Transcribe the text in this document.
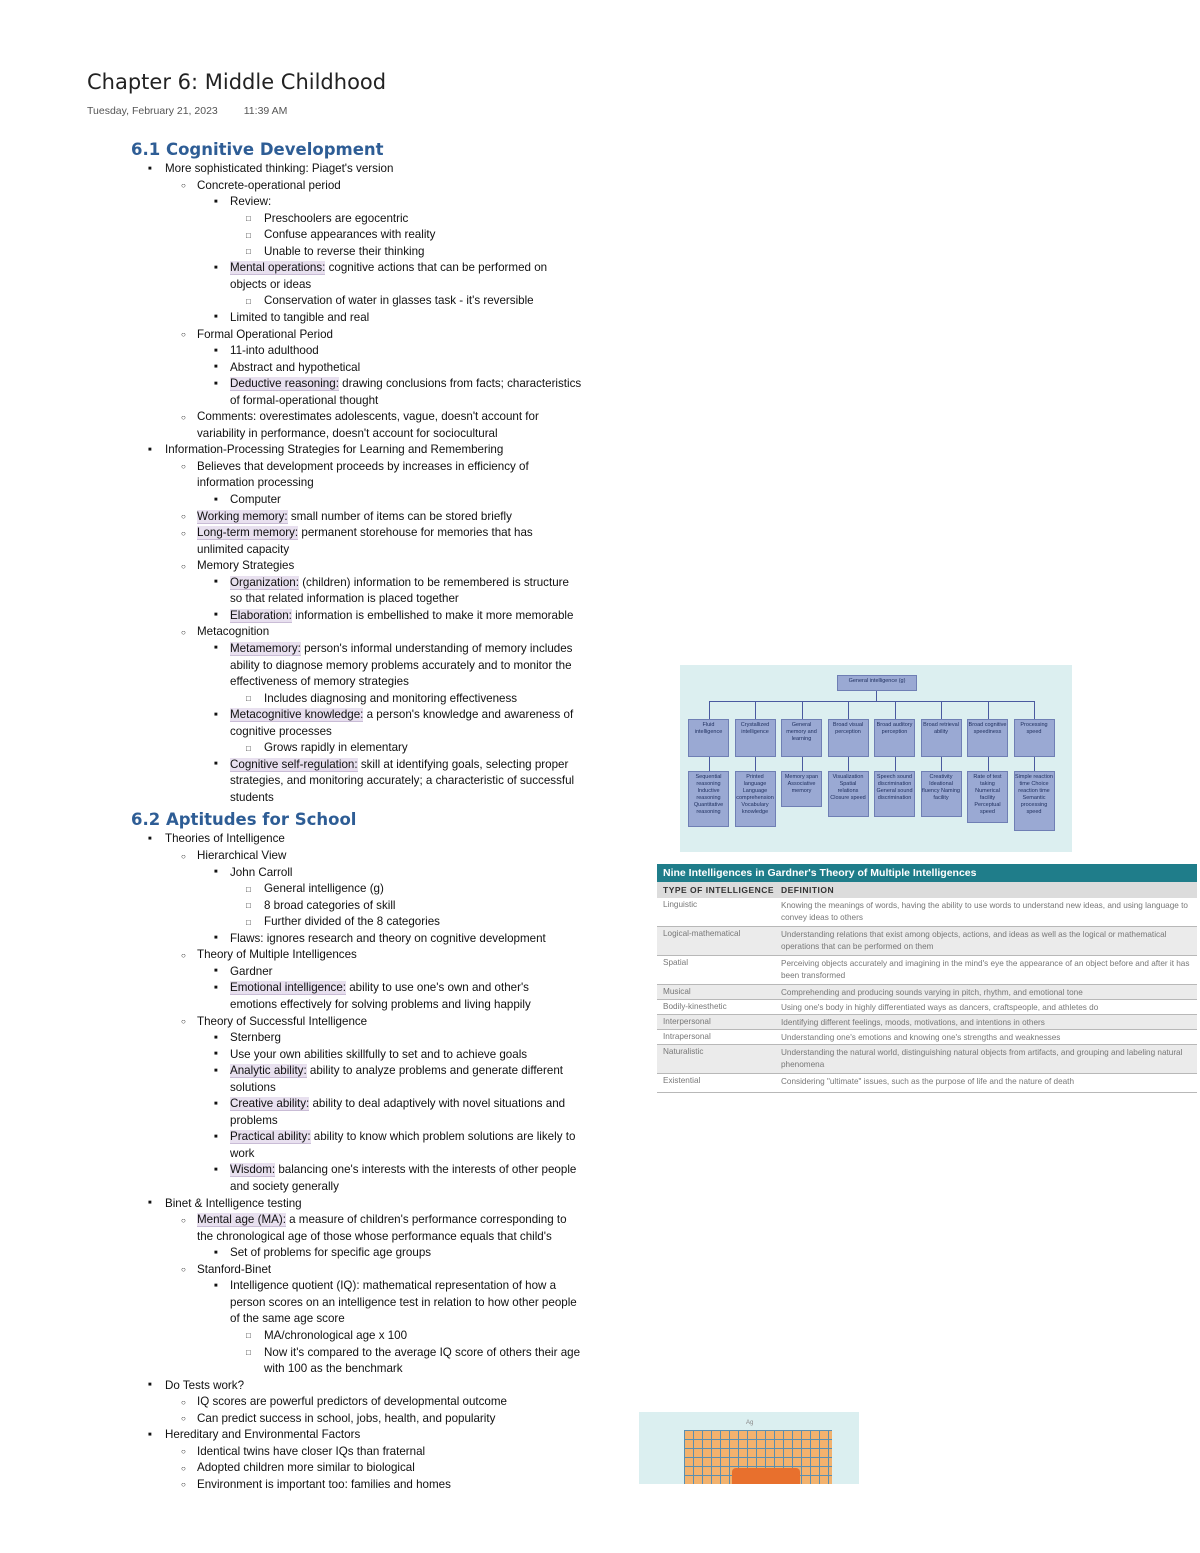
Chapter 6: Middle Childhood
Tuesday, February 21, 2023 11:39 AM
6.1 Cognitive Development
■	More sophisticated thinking: Piaget's version
○ Concrete-operational period
■	Review:
□	Preschoolers are egocentric
□	Confuse appearances with reality
□	Unable to reverse their thinking
■	Mental operations: cognitive actions that can be performed on
objects or ideas
□	Conservation of water in glasses task - it's reversible
■	Limited to tangible and real
○ Formal Operational Period
■	11-into adulthood
■	Abstract and hypothetical
■	Deductive reasoning: drawing conclusions from facts; characteristics
of formal-operational thought
○ Comments: overestimates adolescents, vague, doesn't account for
variability in performance, doesn't account for sociocultural
■	Information-Processing Strategies for Learning and Remembering
○ Believes that development proceeds by increases in efficiency of
information processing
■	Computer
○ Working memory: small number of items can be stored briefly
○ Long-term memory: permanent storehouse for memories that has
unlimited capacity
○ Memory Strategies
■	Organization: (children) information to be remembered is structure
so that related information is placed together
■	Elaboration: information is embellished to make it more memorable
○ Metacognition
■	Metamemory: person's informal understanding of memory includes
ability to diagnose memory problems accurately and to monitor the
effectiveness of memory strategies
□	Includes diagnosing and monitoring effectiveness
■	Metacognitive knowledge: a person's knowledge and awareness of
cognitive processes
□	Grows rapidly in elementary
■	Cognitive self-regulation: skill at identifying goals, selecting proper
strategies, and monitoring accurately; a characteristic of successful
students
6.2 Aptitudes for School
■	Theories of Intelligence
○ Hierarchical View
■	John Carroll
□	General intelligence (g)
□	8 broad categories of skill
□	Further divided of the 8 categories
■	Flaws: ignores research and theory on cognitive development
○ Theory of Multiple Intelligences
■	Gardner
■	Emotional intelligence: ability to use one's own and other's
emotions effectively for solving problems and living happily
○ Theory of Successful Intelligence
■	Sternberg
■	Use your own abilities skillfully to set and to achieve goals
■	Analytic ability: ability to analyze problems and generate different
solutions
■	Creative ability: ability to deal adaptively with novel situations and
problems
■	Practical ability: ability to know which problem solutions are likely to
work
■	Wisdom: balancing one's interests with the interests of other people
and society generally
■	Binet & Intelligence testing
○ Mental age (MA): a measure of children's performance corresponding to
the chronological age of those whose performance equals that child's
■	Set of problems for specific age groups
○ Stanford-Binet
■	Intelligence quotient (IQ): mathematical representation of how a
person scores on an intelligence test in relation to how other people
of the same age score
□	MA/chronological age x 100
□	Now it's compared to the average IQ score of others their age
with 100 as the benchmark
■	Do Tests work?
○ IQ scores are powerful predictors of developmental outcome
○ Can predict success in school, jobs, health, and popularity
■	Hereditary and Environmental Factors
○ Identical twins have closer IQs than fraternal
○ Adopted children more similar to biological
○ Environment is important too: families and homes
General intelligence (g)
Fluid intelligence
Crystallized intelligence
General memory and learning
Broad visual perception
Broad auditory perception
Broad retrieval ability
Broad cognitive speediness
Processing speed
Sequential reasoning Inductive reasoning Quantitative reasoning
Printed language Language comprehension Vocabulary knowledge
Memory span Associative memory
Visualization Spatial relations Closure speed
Speech sound discrimination General sound discrimination
Creativity Ideational fluency Naming facility
Rate of test taking Numerical facility Perceptual speed
Simple reaction time Choice reaction time Semantic processing speed
Nine Intelligences in Gardner's Theory of Multiple Intelligences
TYPE OF INTELLIGENCE DEFINITION
Linguistic	Knowing the meanings of words, having the ability to use words to understand new ideas, and using language to convey ideas to others
Logical-mathematical	Understanding relations that exist among objects, actions, and ideas as well as the logical or mathematical operations that can be performed on them
Spatial	Perceiving objects accurately and imagining in the mind's eye the appearance of an object before and after it has been transformed
Musical	Comprehending and producing sounds varying in pitch, rhythm, and emotional tone
Bodily-kinesthetic	Using one's body in highly differentiated ways as dancers, craftspeople, and athletes do
Interpersonal	Identifying different feelings, moods, motivations, and intentions in others
Intrapersonal	Understanding one's emotions and knowing one's strengths and weaknesses
Naturalistic	Understanding the natural world, distinguishing natural objects from artifacts, and grouping and labeling natural phenomena
Existential	Considering "ultimate" issues, such as the purpose of life and the nature of death
Ag
